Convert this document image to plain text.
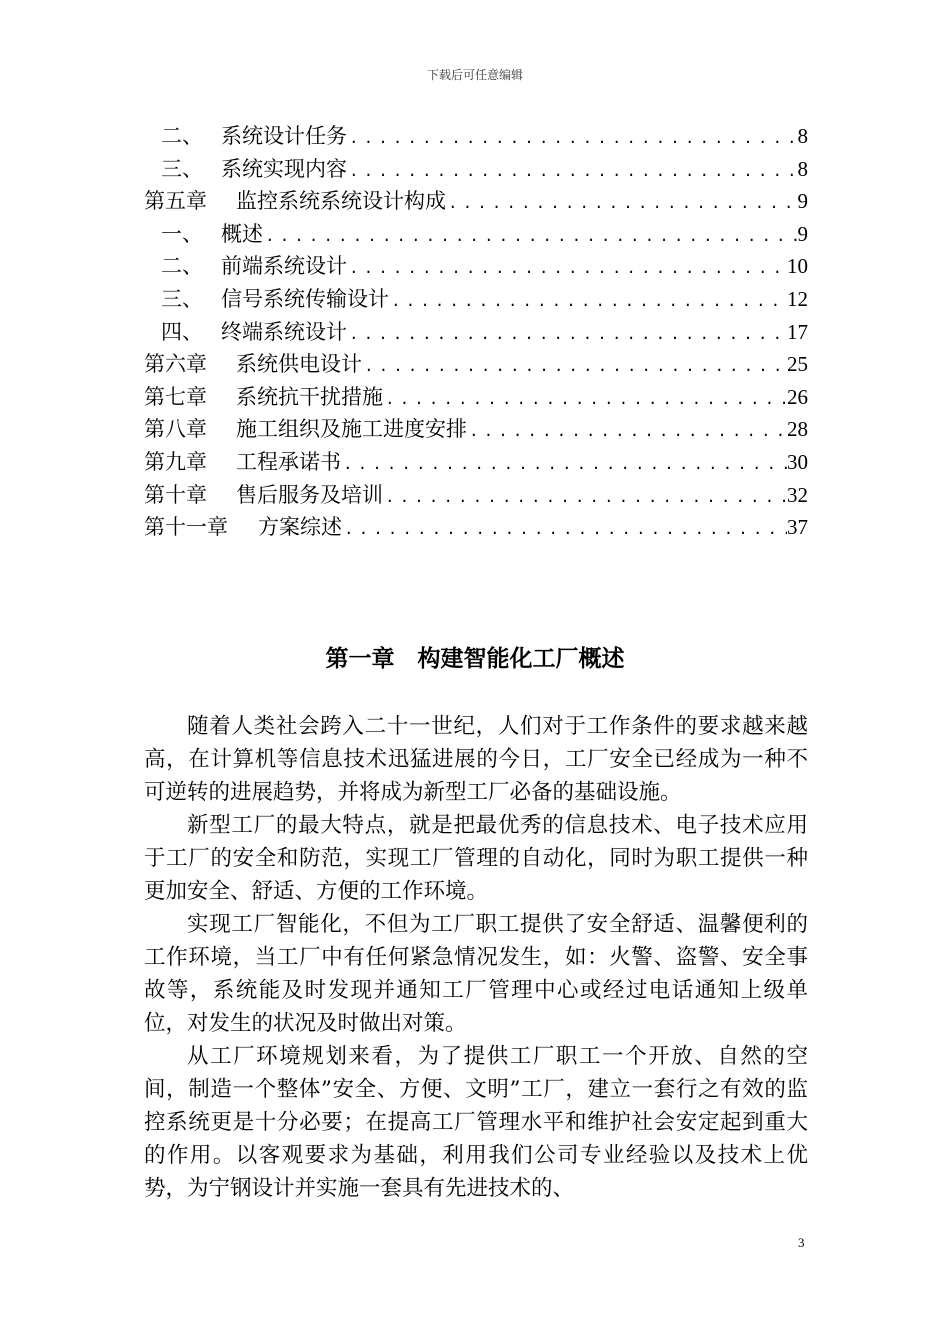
下载后可任意编辑
二、 系统设计任务 .....	8
三、 系统实现内容 .....	8
第五章	监控系统系统设计构成 .....	9
一、 概述 .....	9
二、 前端系统设计 .....	10
三、 信号系统传输设计 .....	12
四、 终端系统设计 .....	17
第六章	系统供电设计 .....	25
第七章	系统抗干扰措施 .....	26
第八章	施工组织及施工进度安排 .....	28
第九章	工程承诺书 .....	30
第十章	售后服务及培训 .....	32
第十一章	方案综述 .....	37
第一章　构建智能化工厂概述

随着人类社会跨入二十一世纪，人们对于工作条件的要求越来越高，在计算机等信息技术迅猛进展的今日，工厂安全已经成为一种不可逆转的进展趋势，并将成为新型工厂必备的基础设施。

新型工厂的最大特点，就是把最优秀的信息技术、电子技术应用于工厂的安全和防范，实现工厂管理的自动化，同时为职工提供一种更加安全、舒适、方便的工作环境。

实现工厂智能化，不但为工厂职工提供了安全舒适、温馨便利的工作环境，当工厂中有任何紧急情况发生，如：火警、盗警、安全事故等，系统能及时发现并通知工厂管理中心或经过电话通知上级单位，对发生的状况及时做出对策。

从工厂环境规划来看，为了提供工厂职工一个开放、自然的空间，制造一个整体”安全、方便、文明”工厂，建立一套行之有效的监控系统更是十分必要；在提高工厂管理水平和维护社会安定起到重大的作用。以客观要求为基础，利用我们公司专业经验以及技术上优势，为宁钢设计并实施一套具有先进技术的、

3
